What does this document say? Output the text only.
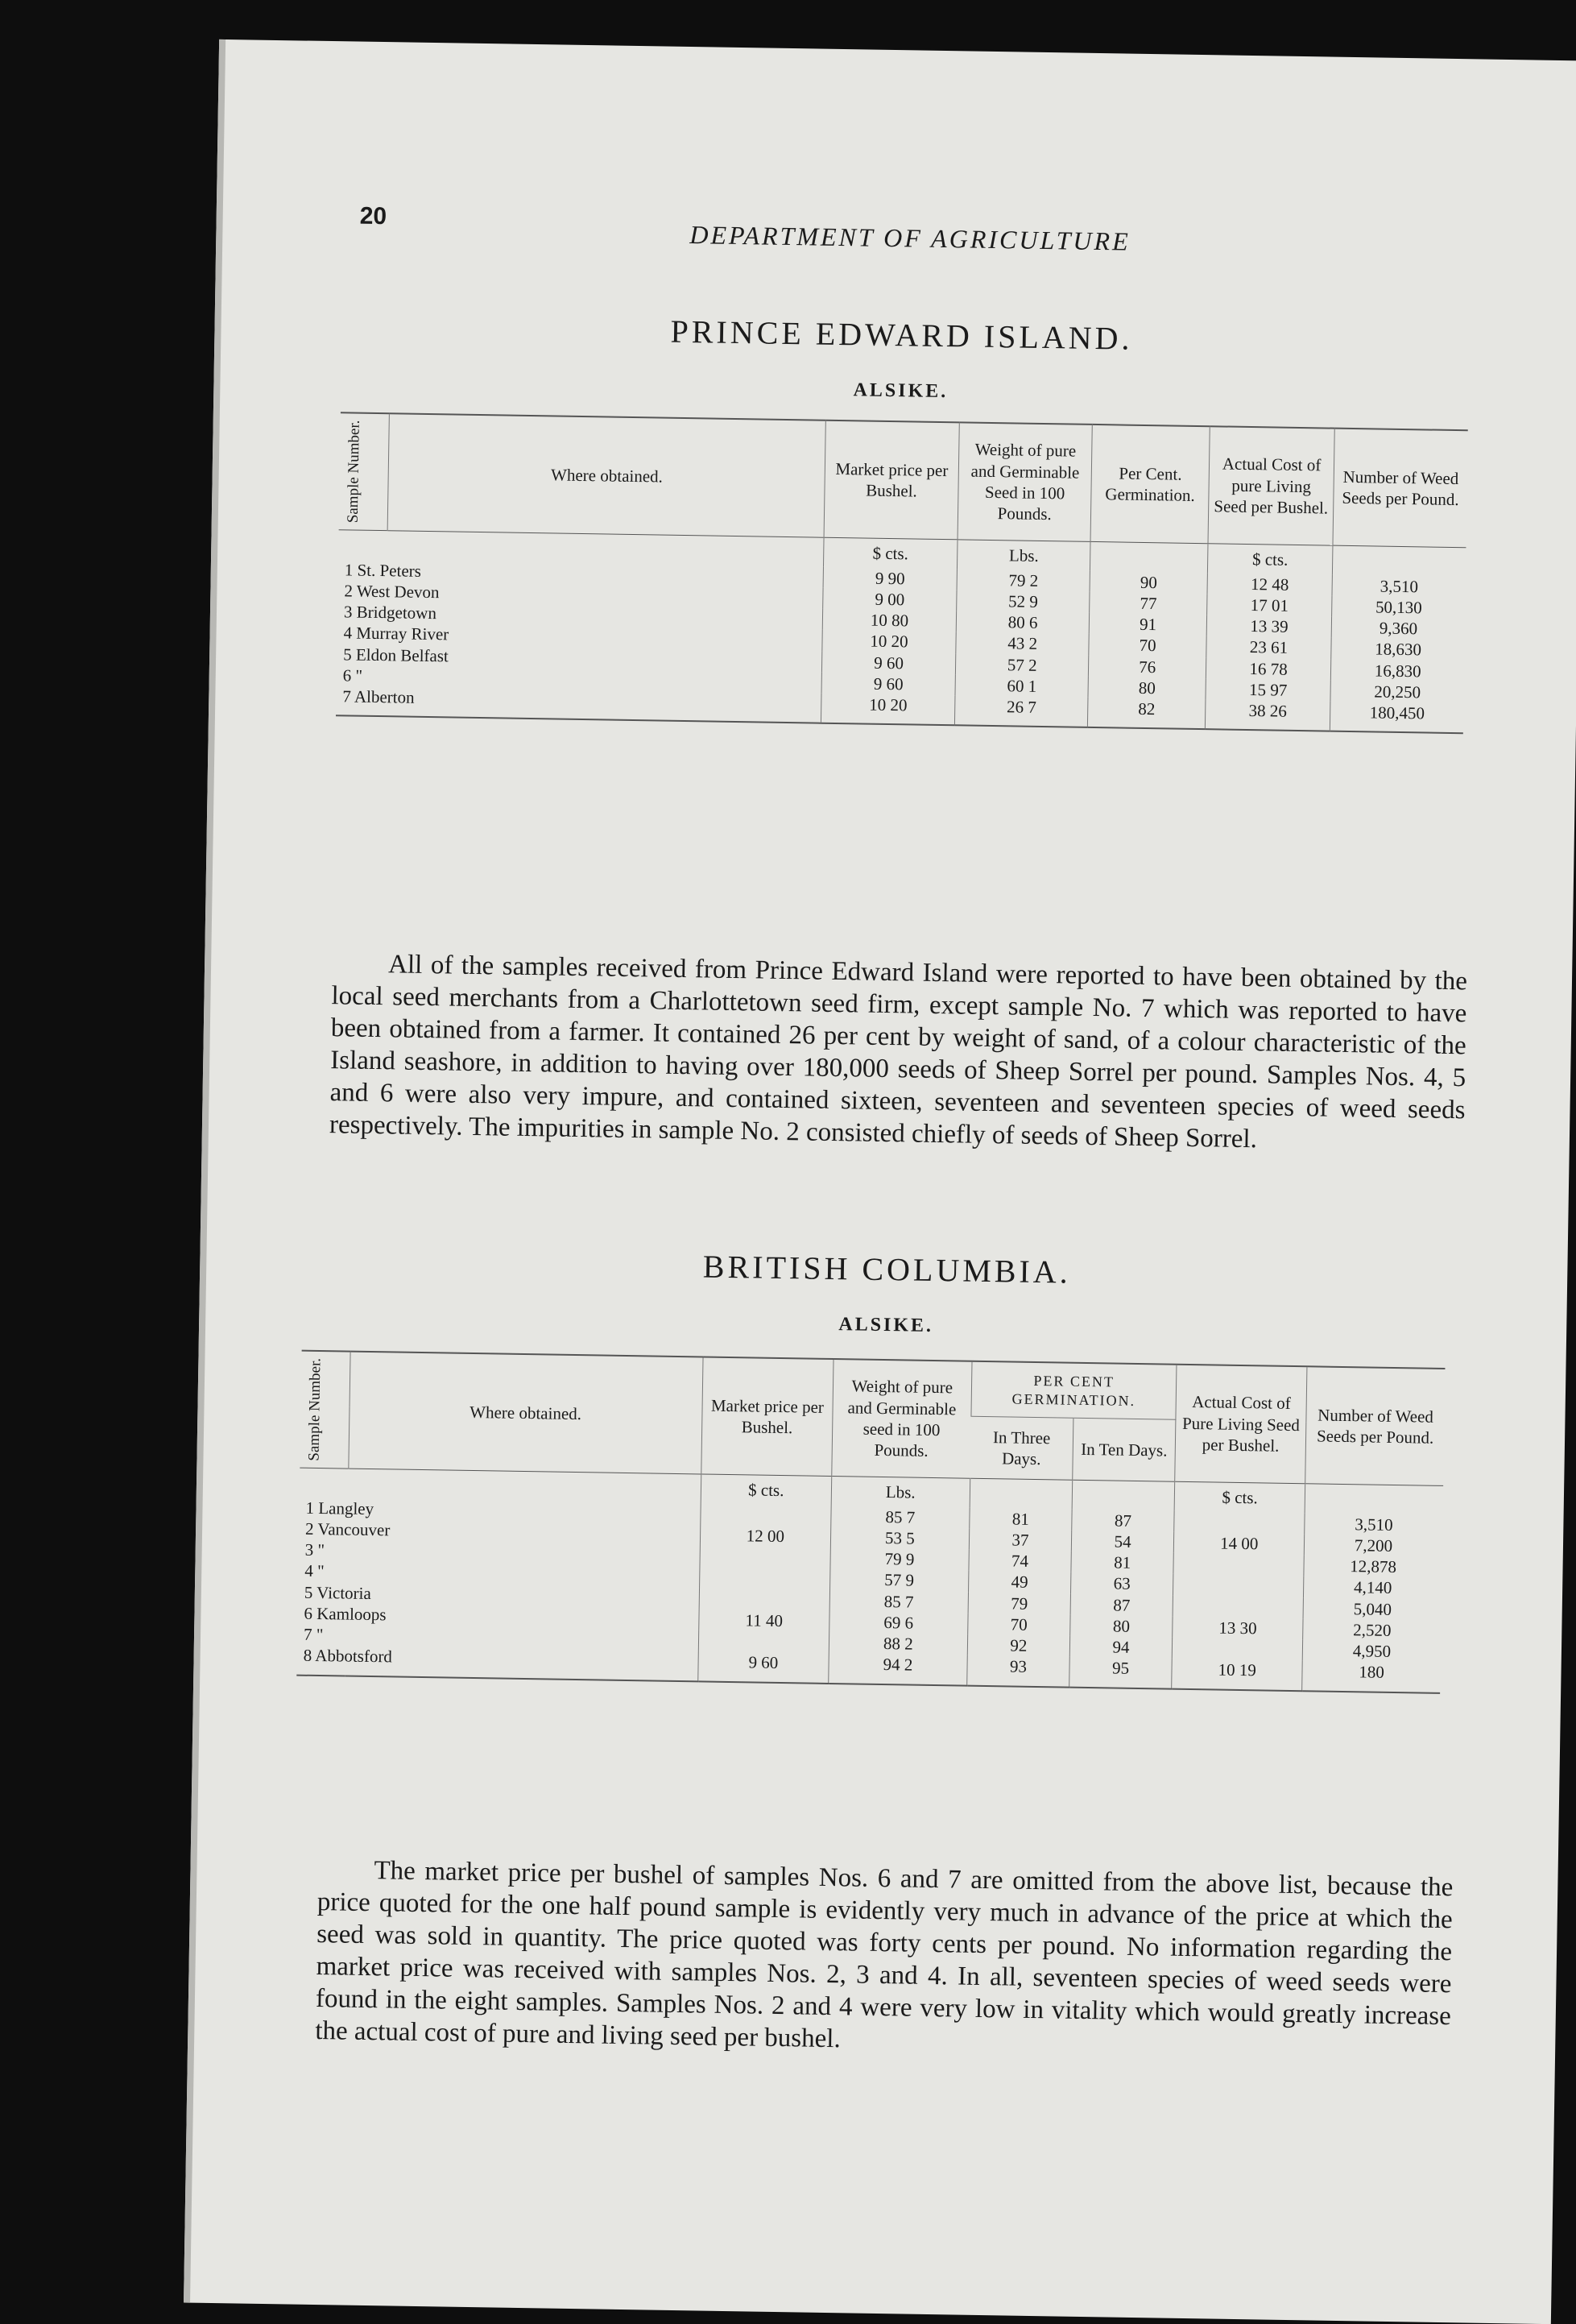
20
DEPARTMENT OF AGRICULTURE
PRINCE EDWARD ISLAND.
ALSIKE.
Sample Number.	Where obtained.	Market price per Bushel.	Weight of pure and Germinable Seed in 100 Pounds.	Per Cent. Germination.	Actual Cost of pure Living Seed per Bushel.	Number of Weed Seeds per Pound.
		$ cts.	Lbs.		$ cts.	
1 St. Peters		9 90	79 2	90	12 48	3,510
2 West Devon		9 00	52 9	77	17 01	50,130
3 Bridgetown		10 80	80 6	91	13 39	9,360
4 Murray River		10 20	43 2	70	23 61	18,630
5 Eldon Belfast		9 60	57 2	76	16 78	16,830
6 "		9 60	60 1	80	15 97	20,250
7 Alberton		10 20	26 7	82	38 26	180,450

All of the samples received from Prince Edward Island were reported to have been obtained by the local seed merchants from a Charlottetown seed firm, except sample No. 7 which was reported to have been obtained from a farmer. It contained 26 per cent by weight of sand, of a colour characteristic of the Island seashore, in addition to having over 180,000 seeds of Sheep Sorrel per pound. Samples Nos. 4, 5 and 6 were also very impure, and contained sixteen, seventeen and seventeen species of weed seeds respectively. The impurities in sample No. 2 consisted chiefly of seeds of Sheep Sorrel.

BRITISH COLUMBIA.
ALSIKE.
Sample Number.	Where obtained.	Market price per Bushel.	Weight of pure and Germinable seed in 100 Pounds.	PER CENT GERMINATION.		Actual Cost of Pure Living Seed per Bushel.	Number of Weed Seeds per Pound.
				In Three Days.	In Ten Days.		
		$ cts.	Lbs.			$ cts.	
1 Langley			85 7	81	87		3,510
2 Vancouver		12 00	53 5	37	54	14 00	7,200
3 "			79 9	74	81		12,878
4 "			57 9	49	63		4,140
5 Victoria			85 7	79	87		5,040
6 Kamloops		11 40	69 6	70	80	13 30	2,520
7 "			88 2	92	94		4,950
8 Abbotsford		9 60	94 2	93	95	10 19	180

The market price per bushel of samples Nos. 6 and 7 are omitted from the above list, because the price quoted for the one half pound sample is evidently very much in advance of the price at which the seed was sold in quantity. The price quoted was forty cents per pound. No information regarding the market price was received with samples Nos. 2, 3 and 4. In all, seventeen species of weed seeds were found in the eight samples. Samples Nos. 2 and 4 were very low in vitality which would greatly increase the actual cost of pure and living seed per bushel.
